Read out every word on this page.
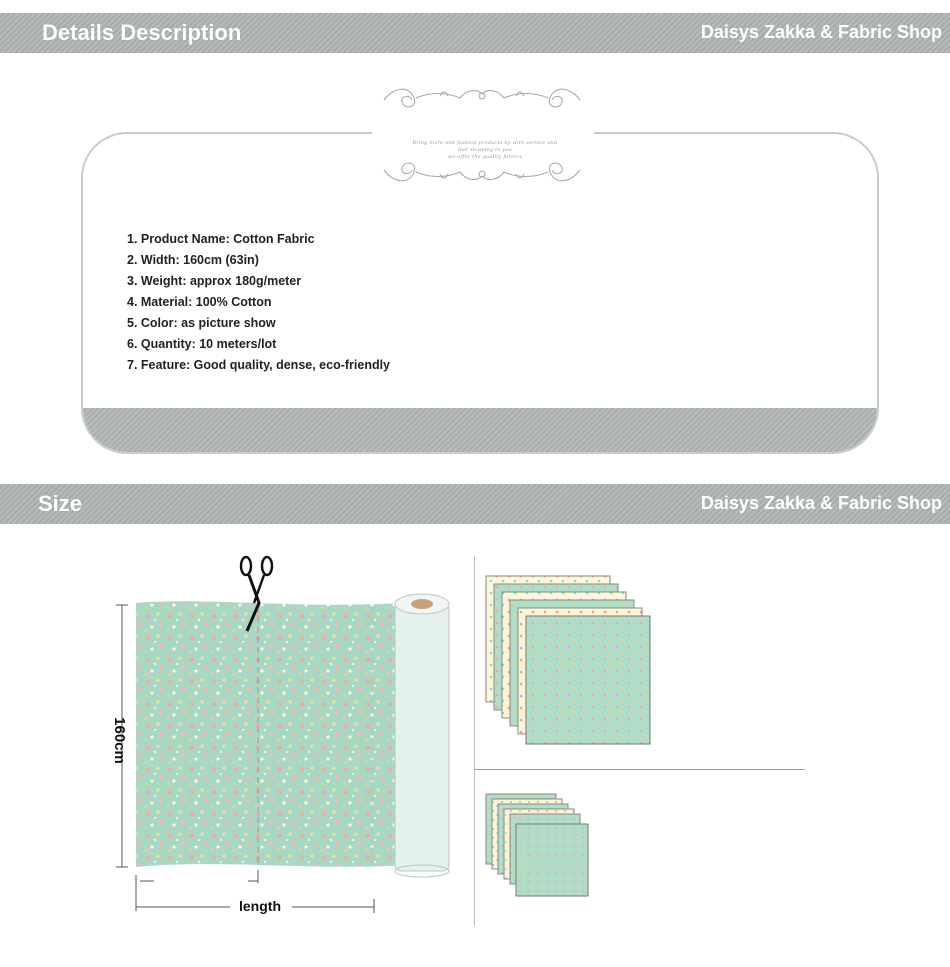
Details Description	Daisys Zakka & Fabric Shop
Bring more and fashion products by with service and
fast shipping to you
we offer the quality fabrics
1. Product Name: Cotton Fabric
2. Width: 160cm (63in)
3. Weight: approx 180g/meter
4. Material: 100% Cotton
5. Color: as picture show
6. Quantity: 10 meters/lot
7. Feature: Good quality, dense, eco-friendly
Size	Daisys Zakka & Fabric Shop
160cm
length
